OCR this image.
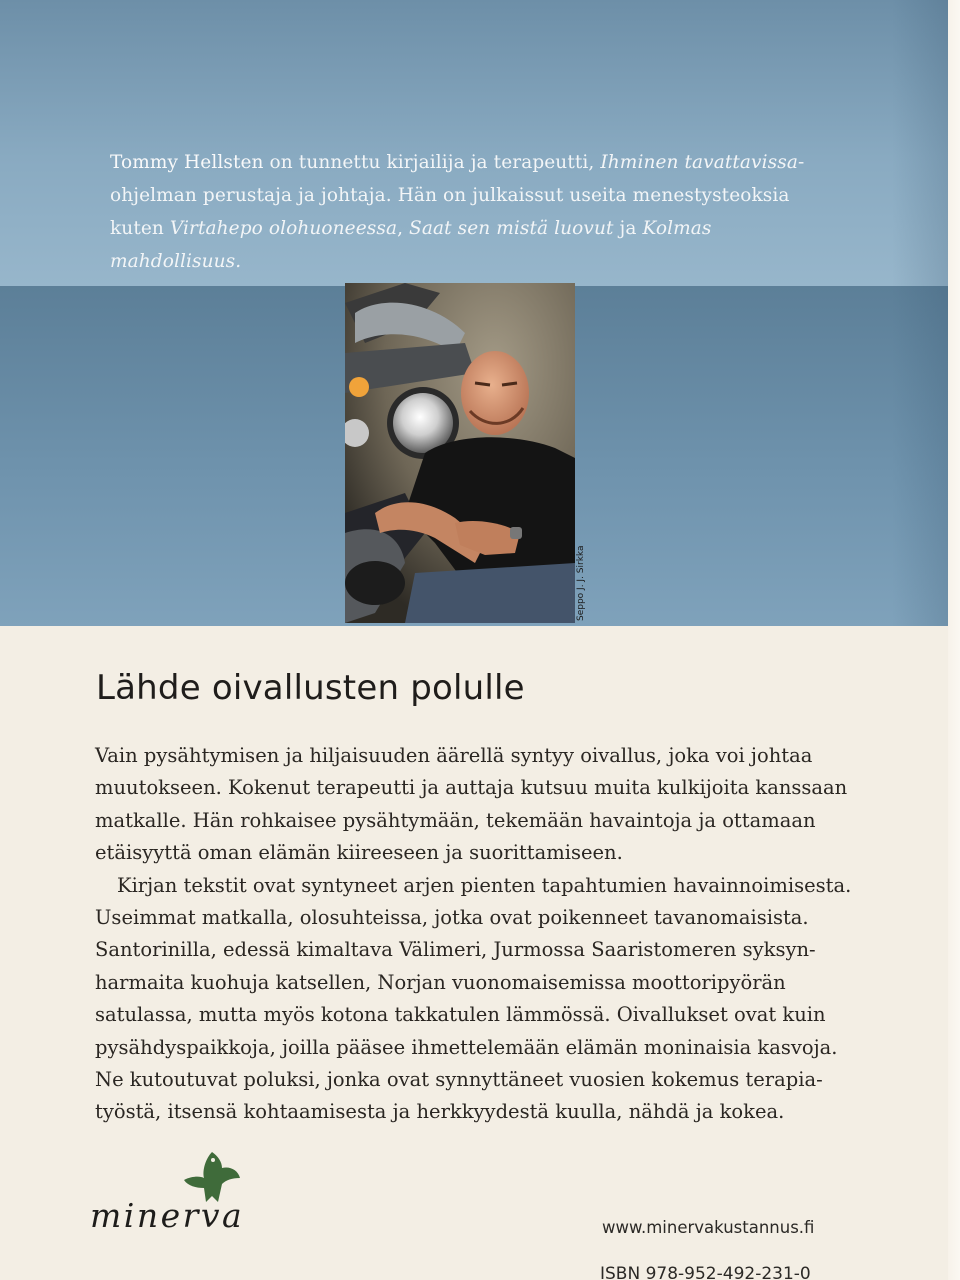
Tommy Hellsten on tunnettu kirjailija ja terapeutti, Ihminen tavattavissa-ohjelman perustaja ja johtaja. Hän on julkaissut useita menestysteoksia kuten Virtahepo olohuoneessa, Saat sen mistä luovut ja Kolmas mahdollisuus.
Seppo J. J. Sirkka
Lähde oivallusten polulle
Vain pysähtymisen ja hiljaisuuden äärellä syntyy oivallus, joka voi johtaa
muutokseen. Kokenut terapeutti ja auttaja kutsuu muita kulkijoita kanssaan
matkalle. Hän rohkaisee pysähtymään, tekemään havaintoja ja ottamaan
etäisyyttä oman elämän kiireeseen ja suorittamiseen.
Kirjan tekstit ovat syntyneet arjen pienten tapahtumien havainnoimisesta.
Useimmat matkalla, olosuhteissa, jotka ovat poikenneet tavanomaisista.
Santorinilla, edessä kimaltava Välimeri, Jurmossa Saaristomeren syksyn-
harmaita kuohuja katsellen, Norjan vuonomaisemissa moottoripyörän
satulassa, mutta myös kotona takkatulen lämmössä. Oivallukset ovat kuin
pysähdyspaikkoja, joilla pääsee ihmettelemään elämän moninaisia kasvoja.
Ne kutoutuvat poluksi, jonka ovat synnyttäneet vuosien kokemus terapia-
työstä, itsensä kohtaamisesta ja herkkyydestä kuulla, nähdä ja kokea.
minerva	www.minervakustannus.fi
ISBN 978-952-492-231-0
